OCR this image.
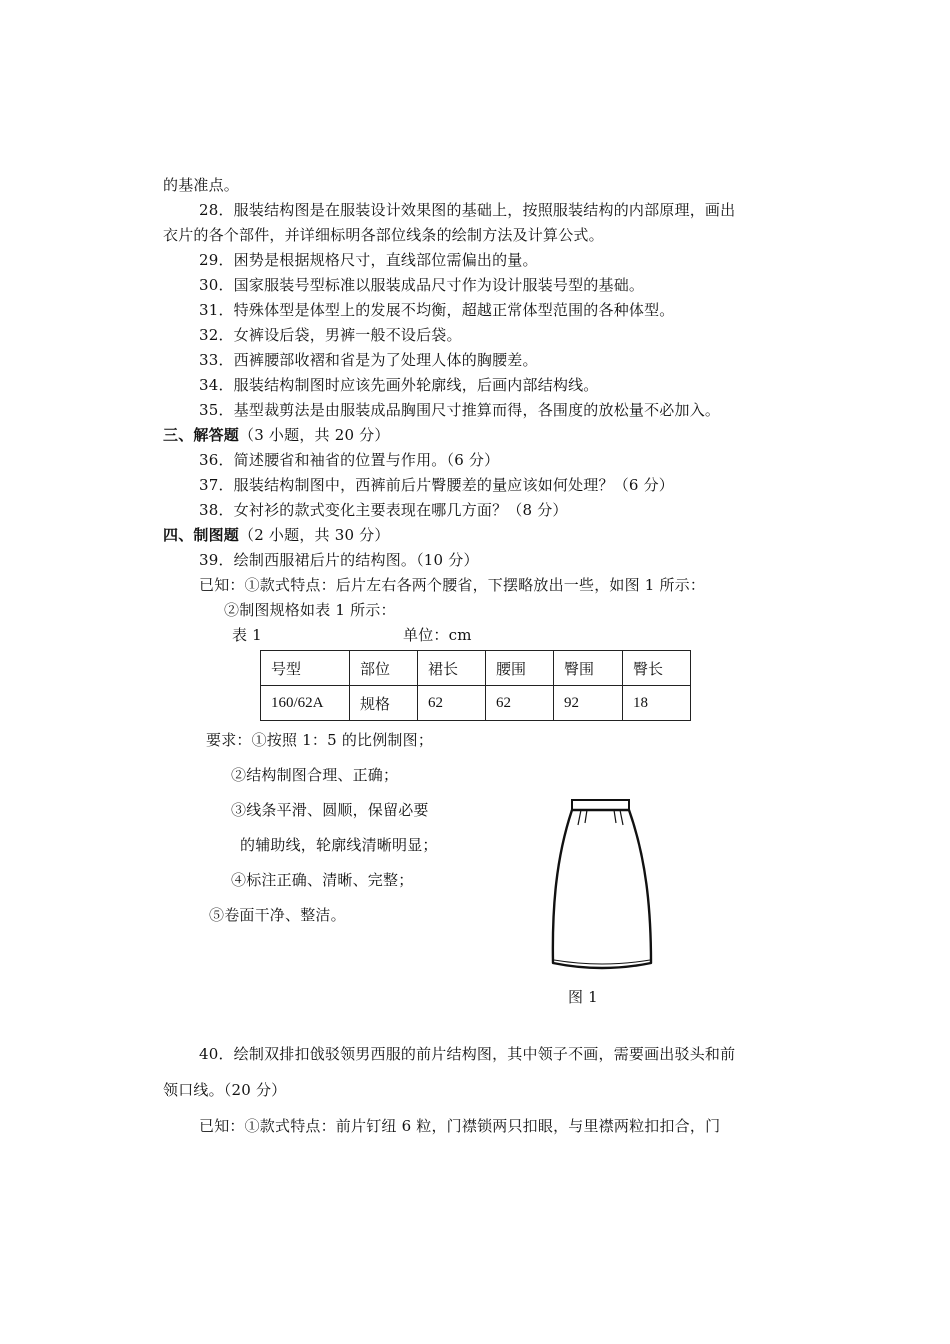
的基准点。
28．服装结构图是在服装设计效果图的基础上，按照服装结构的内部原理，画出
衣片的各个部件，并详细标明各部位线条的绘制方法及计算公式。
29．困势是根据规格尺寸，直线部位需偏出的量。
30．国家服装号型标准以服装成品尺寸作为设计服装号型的基础。
31．特殊体型是体型上的发展不均衡，超越正常体型范围的各种体型。
32．女裤设后袋，男裤一般不设后袋。
33．西裤腰部收褶和省是为了处理人体的胸腰差。
34．服装结构制图时应该先画外轮廓线，后画内部结构线。
35．基型裁剪法是由服装成品胸围尺寸推算而得，各围度的放松量不必加入。
三、解答题（3 小题，共 20 分）
36．简述腰省和袖省的位置与作用。（6 分）
37．服装结构制图中，西裤前后片臀腰差的量应该如何处理？（6 分）
38．女衬衫的款式变化主要表现在哪几方面？（8 分）
四、制图题（2 小题，共 30 分）
39．绘制西服裙后片的结构图。（10 分）
已知：①款式特点：后片左右各两个腰省，下摆略放出一些，如图 1 所示：
②制图规格如表 1 所示：
表 1	单位：cm
号型	部位	裙长	腰围	臀围	臀长
160/62A	规格	62	62	92	18
要求：①按照 1：5 的比例制图；
②结构制图合理、正确；
③线条平滑、圆顺，保留必要
的辅助线，轮廓线清晰明显；
④标注正确、清晰、完整；
⑤卷面干净、整洁。
图 1
40．绘制双排扣戗驳领男西服的前片结构图，其中领子不画，需要画出驳头和前
领口线。（20 分）
已知：①款式特点：前片钉纽 6 粒，门襟锁两只扣眼，与里襟两粒扣扣合，门
